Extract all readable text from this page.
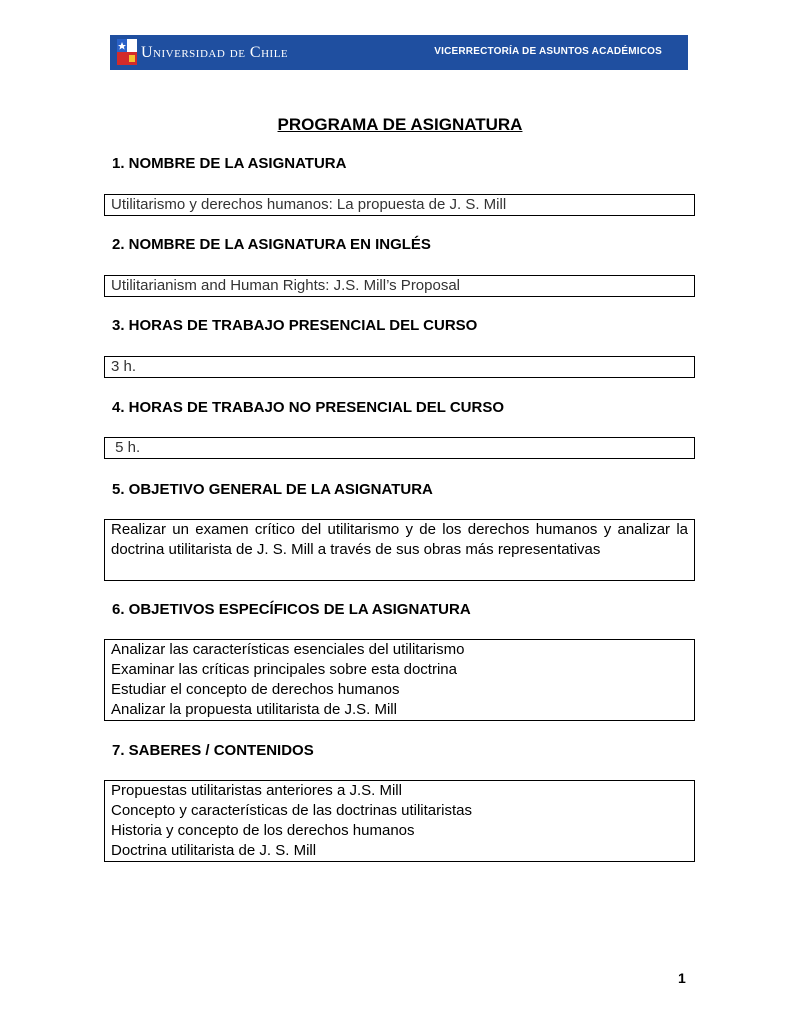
Universidad de Chile	VICERRECTORÍA DE ASUNTOS ACADÉMICOS
PROGRAMA DE ASIGNATURA
1. NOMBRE DE LA ASIGNATURA
Utilitarismo y derechos humanos: La propuesta de J. S. Mill
2. NOMBRE DE LA ASIGNATURA EN INGLÉS
Utilitarianism and Human Rights: J.S. Mill’s Proposal
3. HORAS DE TRABAJO PRESENCIAL DEL CURSO
3 h.
4. HORAS DE TRABAJO NO PRESENCIAL DEL CURSO
5 h.
5. OBJETIVO GENERAL DE LA ASIGNATURA
Realizar un examen crítico del utilitarismo y de los derechos humanos y analizar la doctrina utilitarista de J. S. Mill a través de sus obras más representativas
6. OBJETIVOS ESPECÍFICOS DE LA ASIGNATURA
Analizar las características esenciales del utilitarismo
Examinar las críticas principales sobre esta doctrina
Estudiar el concepto de derechos humanos
Analizar la propuesta utilitarista de J.S. Mill
7. SABERES / CONTENIDOS
Propuestas utilitaristas anteriores a J.S. Mill
Concepto y características de las doctrinas utilitaristas
Historia y concepto de los derechos humanos
Doctrina utilitarista de J. S. Mill
1
